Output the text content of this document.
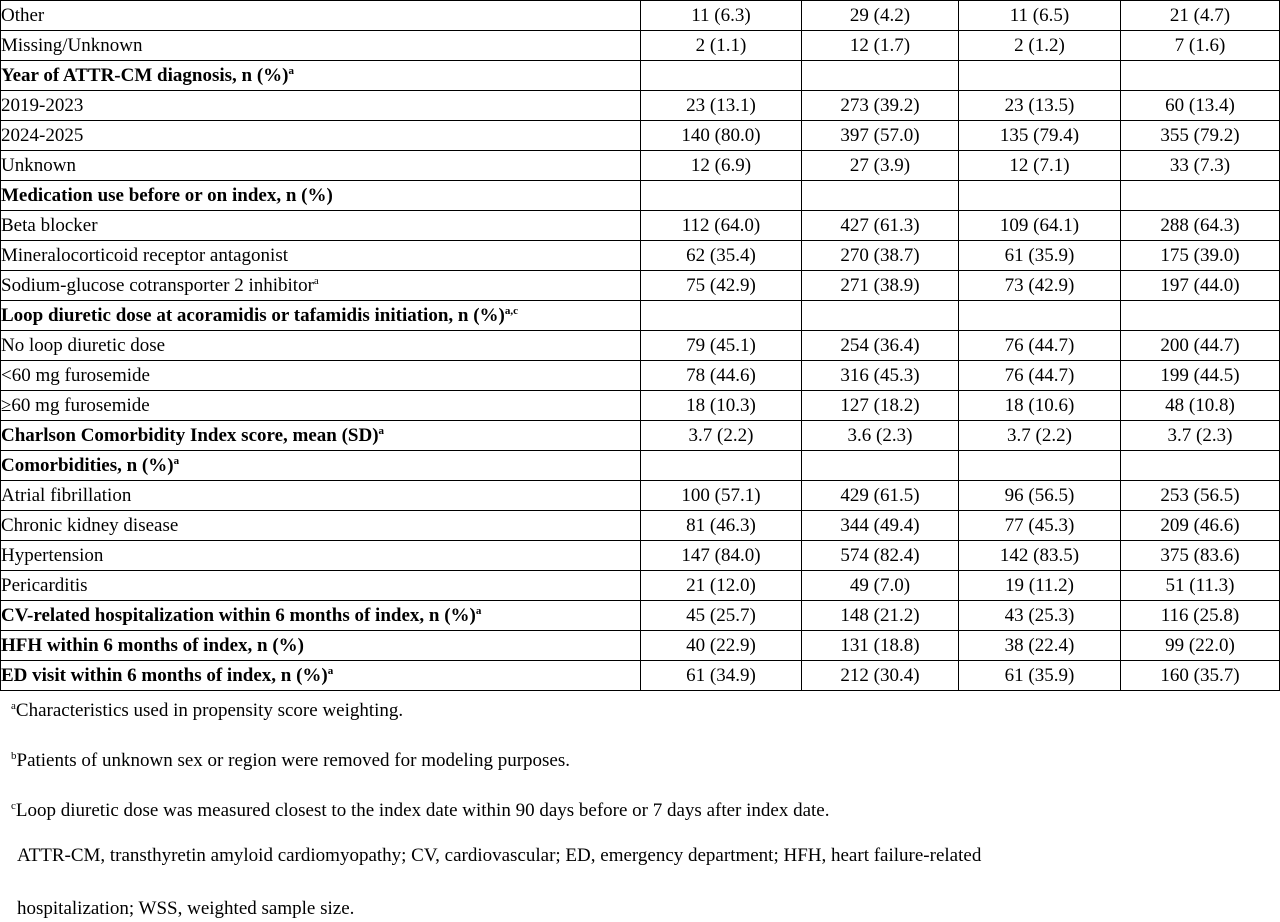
Other	11 (6.3)	29 (4.2)	11 (6.5)	21 (4.7)
Missing/Unknown	2 (1.1)	12 (1.7)	2 (1.2)	7 (1.6)
Year of ATTR-CM diagnosis, n (%)$^a$				
2019-2023	23 (13.1)	273 (39.2)	23 (13.5)	60 (13.4)
2024-2025	140 (80.0)	397 (57.0)	135 (79.4)	355 (79.2)
Unknown	12 (6.9)	27 (3.9)	12 (7.1)	33 (7.3)
Medication use before or on index, n (%)				
Beta blocker	112 (64.0)	427 (61.3)	109 (64.1)	288 (64.3)
Mineralocorticoid receptor antagonist	62 (35.4)	270 (38.7)	61 (35.9)	175 (39.0)
Sodium-glucose cotransporter 2 inhibitor$^a$	75 (42.9)	271 (38.9)	73 (42.9)	197 (44.0)
Loop diuretic dose at acoramidis or tafamidis initiation, n (%)$^{a,c}$				
No loop diuretic dose	79 (45.1)	254 (36.4)	76 (44.7)	200 (44.7)
<60 mg furosemide	78 (44.6)	316 (45.3)	76 (44.7)	199 (44.5)
≥60 mg furosemide	18 (10.3)	127 (18.2)	18 (10.6)	48 (10.8)
Charlson Comorbidity Index score, mean (SD)$^a$	3.7 (2.2)	3.6 (2.3)	3.7 (2.2)	3.7 (2.3)
Comorbidities, n (%)$^a$				
Atrial fibrillation	100 (57.1)	429 (61.5)	96 (56.5)	253 (56.5)
Chronic kidney disease	81 (46.3)	344 (49.4)	77 (45.3)	209 (46.6)
Hypertension	147 (84.0)	574 (82.4)	142 (83.5)	375 (83.6)
Pericarditis	21 (12.0)	49 (7.0)	19 (11.2)	51 (11.3)
CV-related hospitalization within 6 months of index, n (%)$^a$	45 (25.7)	148 (21.2)	43 (25.3)	116 (25.8)
HFH within 6 months of index, n (%)	40 (22.9)	131 (18.8)	38 (22.4)	99 (22.0)
ED visit within 6 months of index, n (%)$^a$	61 (34.9)	212 (30.4)	61 (35.9)	160 (35.7)
$^a$Characteristics used in propensity score weighting.
$^b$Patients of unknown sex or region were removed for modeling purposes.
$^c$Loop diuretic dose was measured closest to the index date within 90 days before or 7 days after index date.
ATTR-CM, transthyretin amyloid cardiomyopathy; CV, cardiovascular; ED, emergency department; HFH, heart failure-related
hospitalization; WSS, weighted sample size.
